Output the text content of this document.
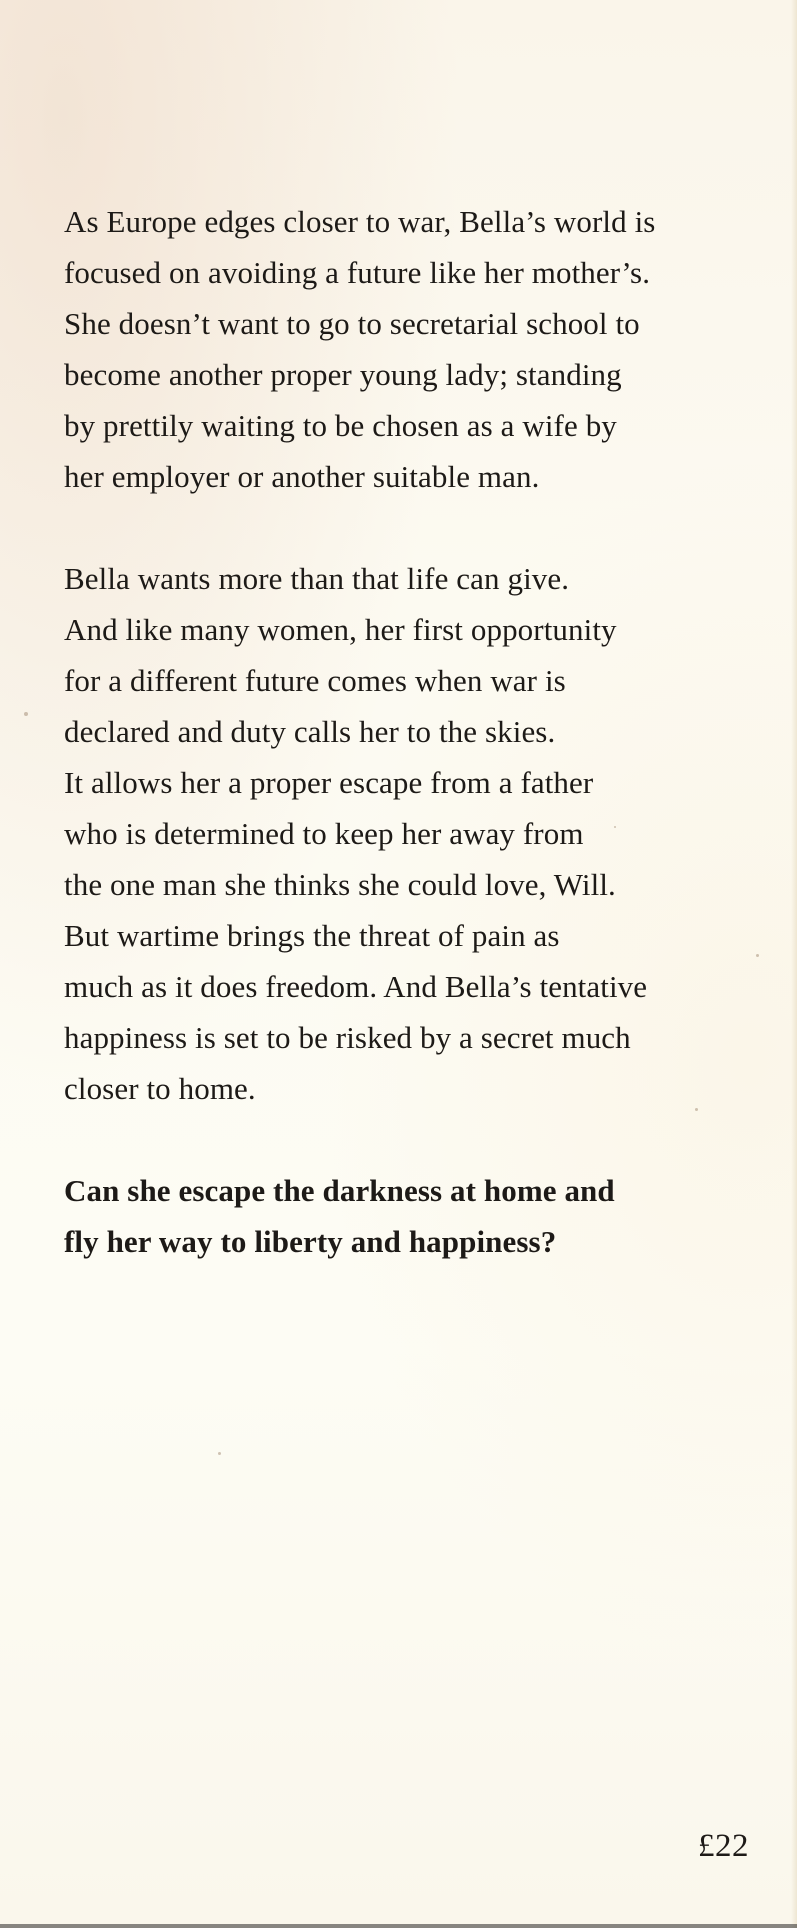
As Europe edges closer to war, Bella’s world is
focused on avoiding a future like her mother’s.
She doesn’t want to go to secretarial school to
become another proper young lady; standing
by prettily waiting to be chosen as a wife by
her employer or another suitable man.

Bella wants more than that life can give.
And like many women, her first opportunity
for a different future comes when war is
declared and duty calls her to the skies.
It allows her a proper escape from a father
who is determined to keep her away from
the one man she thinks she could love, Will.
But wartime brings the threat of pain as
much as it does freedom. And Bella’s tentative
happiness is set to be risked by a secret much
closer to home.

Can she escape the darkness at home and
fly her way to liberty and happiness?

£22
